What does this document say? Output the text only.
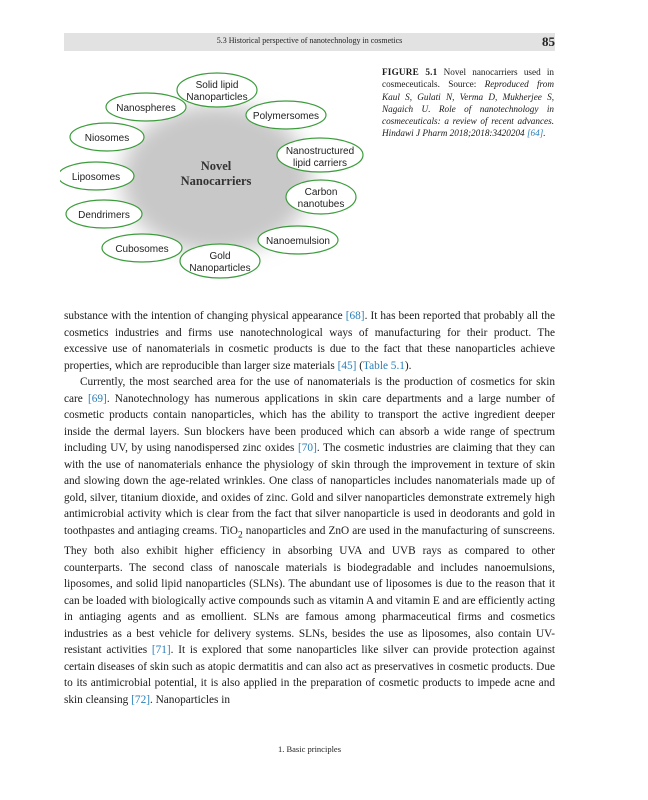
5.3 Historical perspective of nanotechnology in cosmetics	85
Novel
Nanocarriers
Solid lipid
Nanoparticles
Nanospheres
Polymersomes
Niosomes
Nanostructured
lipid carriers
Liposomes
Carbon
nanotubes
Dendrimers
Nanoemulsion
Cubosomes
Gold
Nanoparticles
FIGURE 5.1 Novel nanocarriers used in cosmeceuticals. Source: Reproduced from Kaul S, Gulati N, Verma D, Mukherjee S, Nagaich U. Role of nanotechnology in cosmeceuticals: a review of recent advances. Hindawi J Pharm 2018;2018:3420204 [64].

substance with the intention of changing physical appearance [68]. It has been reported that probably all the cosmetics industries and firms use nanotechnological ways of manufacturing for their product. The excessive use of nanomaterials in cosmetic products is due to the fact that these nanoparticles achieve properties, which are reproducible than larger size materials [45] (Table 5.1).

Currently, the most searched area for the use of nanomaterials is the production of cosmetics for skin care [69]. Nanotechnology has numerous applications in skin care departments and a large number of cosmetic products contain nanoparticles, which has the ability to transport the active ingredient deeper inside the dermal layers. Sun blockers have been produced which can absorb a wide range of spectrum including UV, by using nanodispersed zinc oxides [70]. The cosmetic industries are claiming that they can with the use of nanomaterials enhance the physiology of skin through the improvement in texture of skin and slowing down the age-related wrinkles. One class of nanoparticles includes nanomaterials made up of gold, silver, titanium dioxide, and oxides of zinc. Gold and silver nanoparticles demonstrate extremely high antimicrobial activity which is clear from the fact that silver nanoparticle is used in deodorants and gold in toothpastes and antiaging creams. TiO$_2$ nanoparticles and ZnO are used in the manufacturing of sunscreens. They both also exhibit higher efficiency in absorbing UVA and UVB rays as compared to other counterparts. The second class of nanoscale materials is biodegradable and includes nanoemulsions, liposomes, and solid lipid nanoparticles (SLNs). The abundant use of liposomes is due to the reason that it can be loaded with biologically active compounds such as vitamin A and vitamin E and are efficiently acting in antiaging agents and as emollient. SLNs are famous among pharmaceutical firms and cosmetics industries as a best vehicle for delivery systems. SLNs, besides the use as liposomes, also contain UV-resistant activities [71]. It is explored that some nanoparticles like silver can provide protection against certain diseases of skin such as atopic dermatitis and can also act as preservatives in cosmetic products. Due to its antimicrobial potential, it is also applied in the preparation of cosmetic products to impede acne and skin cleansing [72]. Nanoparticles in

1. Basic principles
